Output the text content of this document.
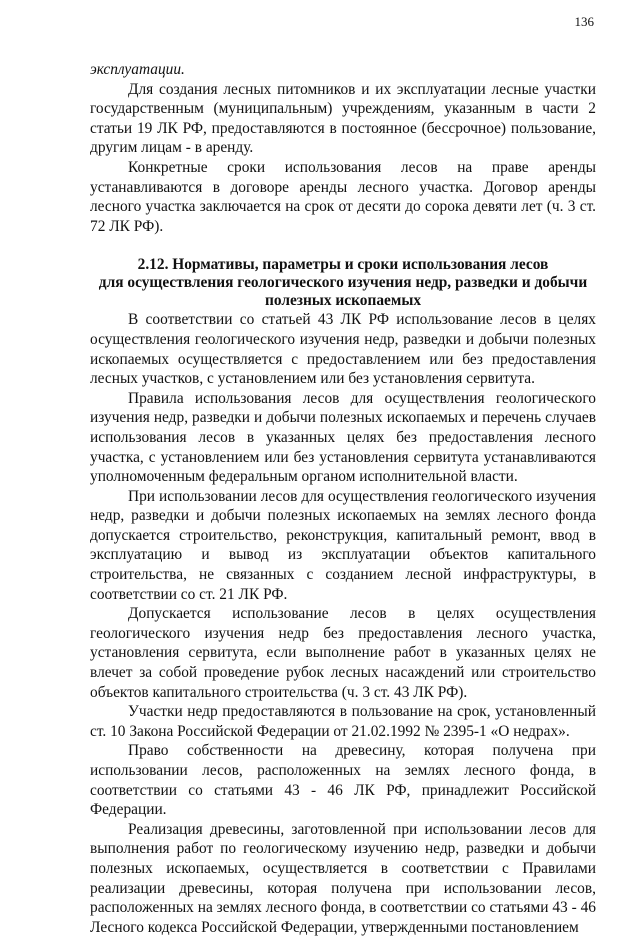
136

эксплуатации.

Для создания лесных питомников и их эксплуатации лесные участки государственным (муниципальным) учреждениям, указанным в части 2 статьи 19 ЛК РФ, предоставляются в постоянное (бессрочное) пользование, другим лицам - в аренду.

Конкретные сроки использования лесов на праве аренды устанавливаются в договоре аренды лесного участка. Договор аренды лесного участка заключается на срок от десяти до сорока девяти лет (ч. 3 ст. 72 ЛК РФ).

2.12. Нормативы, параметры и сроки использования лесов
для осуществления геологического изучения недр, разведки и добычи
полезных ископаемых

В соответствии со статьей 43 ЛК РФ использование лесов в целях осуществления геологического изучения недр, разведки и добычи полезных ископаемых осуществляется с предоставлением или без предоставления лесных участков, с установлением или без установления сервитута.

Правила использования лесов для осуществления геологического изучения недр, разведки и добычи полезных ископаемых и перечень случаев использования лесов в указанных целях без предоставления лесного участка, с установлением или без установления сервитута устанавливаются уполномоченным федеральным органом исполнительной власти.

При использовании лесов для осуществления геологического изучения недр, разведки и добычи полезных ископаемых на землях лесного фонда допускается строительство, реконструкция, капитальный ремонт, ввод в эксплуатацию и вывод из эксплуатации объектов капитального строительства, не связанных с созданием лесной инфраструктуры, в соответствии со ст. 21 ЛК РФ.

Допускается использование лесов в целях осуществления геологического изучения недр без предоставления лесного участка, установления сервитута, если выполнение работ в указанных целях не влечет за собой проведение рубок лесных насаждений или строительство объектов капитального строительства (ч. 3 ст. 43 ЛК РФ).

Участки недр предоставляются в пользование на срок, установленный ст. 10 Закона Российской Федерации от 21.02.1992 № 2395-1 «О недрах».

Право собственности на древесину, которая получена при использовании лесов, расположенных на землях лесного фонда, в соответствии со статьями 43 - 46 ЛК РФ, принадлежит Российской Федерации.

Реализация древесины, заготовленной при использовании лесов для выполнения работ по геологическому изучению недр, разведки и добычи полезных ископаемых, осуществляется в соответствии с Правилами реализации древесины, которая получена при использовании лесов, расположенных на землях лесного фонда, в соответствии со статьями 43 - 46 Лесного кодекса Российской Федерации, утвержденными постановлением
